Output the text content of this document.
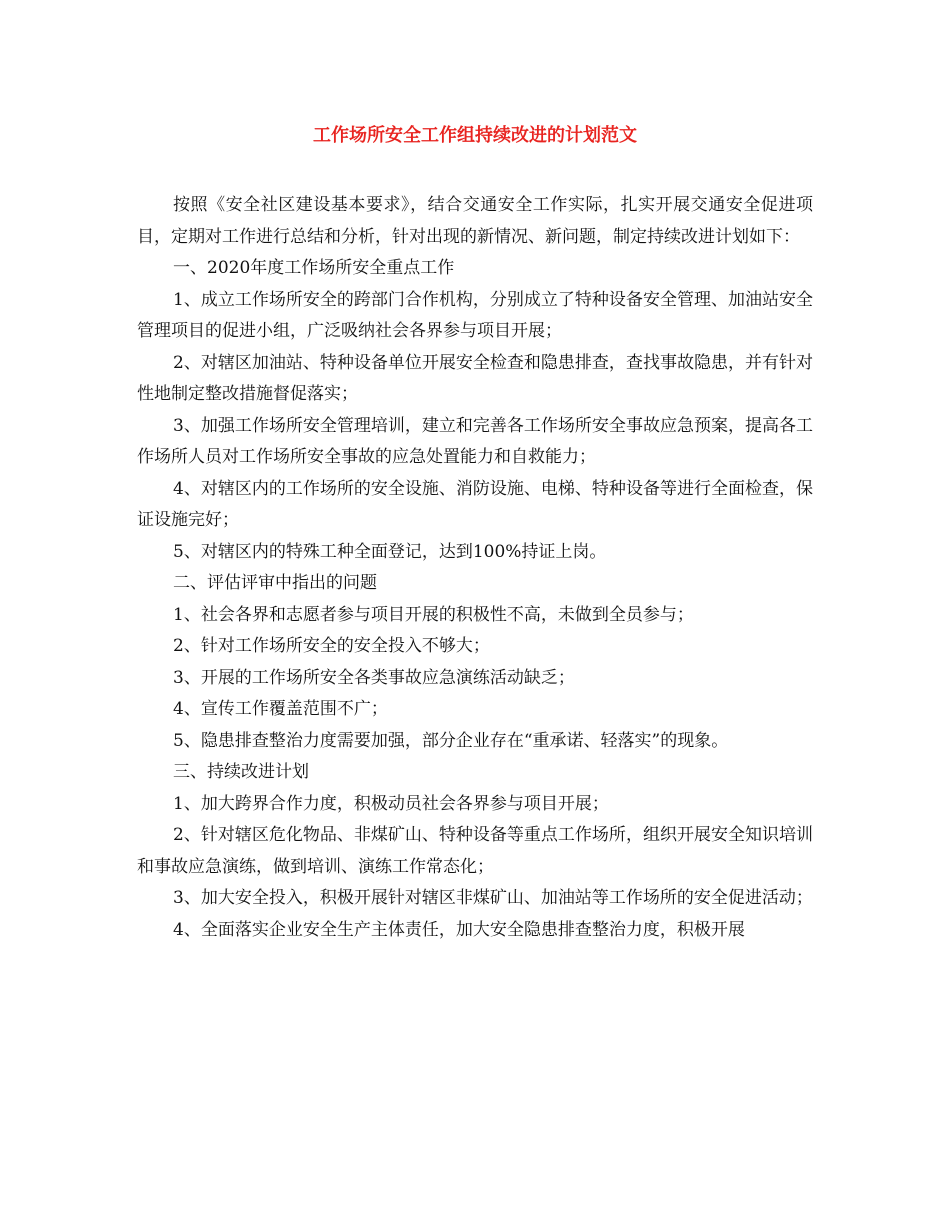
工作场所安全工作组持续改进的计划范文

按照《安全社区建设基本要求》，结合交通安全工作实际，扎实开展交通安全促进项目，定期对工作进行总结和分析，针对出现的新情况、新问题，制定持续改进计划如下：

一、2020年度工作场所安全重点工作

1、成立工作场所安全的跨部门合作机构，分别成立了特种设备安全管理、加油站安全管理项目的促进小组，广泛吸纳社会各界参与项目开展；

2、对辖区加油站、特种设备单位开展安全检查和隐患排查，查找事故隐患，并有针对性地制定整改措施督促落实；

3、加强工作场所安全管理培训，建立和完善各工作场所安全事故应急预案，提高各工作场所人员对工作场所安全事故的应急处置能力和自救能力；

4、对辖区内的工作场所的安全设施、消防设施、电梯、特种设备等进行全面检查，保证设施完好；

5、对辖区内的特殊工种全面登记，达到100%持证上岗。

二、评估评审中指出的问题

1、社会各界和志愿者参与项目开展的积极性不高，未做到全员参与；

2、针对工作场所安全的安全投入不够大；

3、开展的工作场所安全各类事故应急演练活动缺乏；

4、宣传工作覆盖范围不广；

5、隐患排查整治力度需要加强，部分企业存在“重承诺、轻落实”的现象。

三、持续改进计划

1、加大跨界合作力度，积极动员社会各界参与项目开展；

2、针对辖区危化物品、非煤矿山、特种设备等重点工作场所，组织开展安全知识培训和事故应急演练，做到培训、演练工作常态化；

3、加大安全投入，积极开展针对辖区非煤矿山、加油站等工作场所的安全促进活动；

4、全面落实企业安全生产主体责任，加大安全隐患排查整治力度，积极开展
